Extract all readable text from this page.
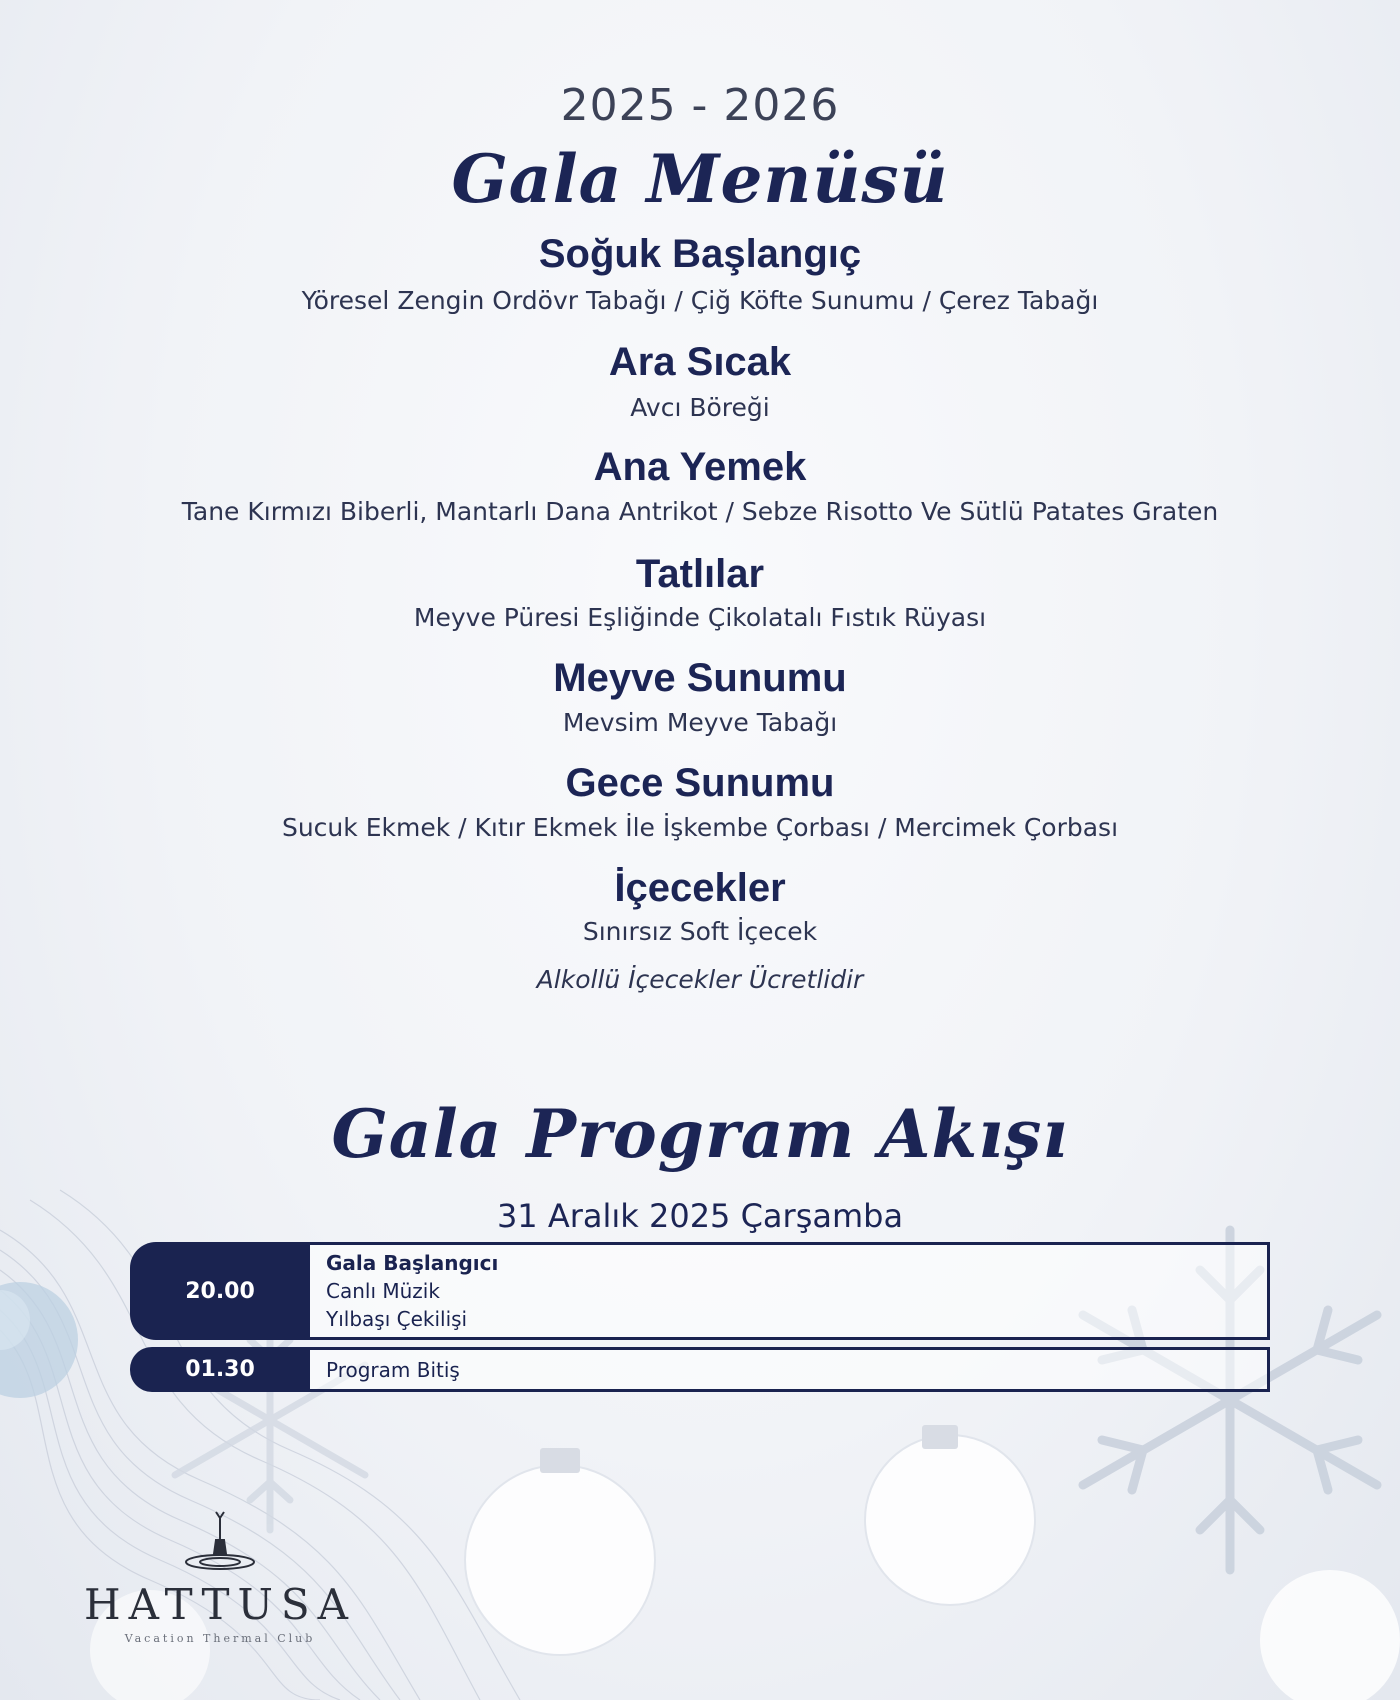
2025 - 2026
Gala Menüsü
Soğuk Başlangıç
Yöresel Zengin Ordövr Tabağı / Çiğ Köfte Sunumu / Çerez Tabağı
Ara Sıcak
Avcı Böreği
Ana Yemek
Tane Kırmızı Biberli, Mantarlı Dana Antrikot / Sebze Risotto Ve Sütlü Patates Graten
Tatlılar
Meyve Püresi Eşliğinde Çikolatalı Fıstık Rüyası
Meyve Sunumu
Mevsim Meyve Tabağı
Gece Sunumu
Sucuk Ekmek / Kıtır Ekmek İle İşkembe Çorbası / Mercimek Çorbası
İçecekler
Sınırsız Soft İçecek
Alkollü İçecekler Ücretlidir
Gala Program Akışı
31 Aralık 2025 Çarşamba
20.00
Gala Başlangıcı
Canlı Müzik
Yılbaşı Çekilişi
01.30	Program Bitiş
HATTUSA
Vacation Thermal Club
